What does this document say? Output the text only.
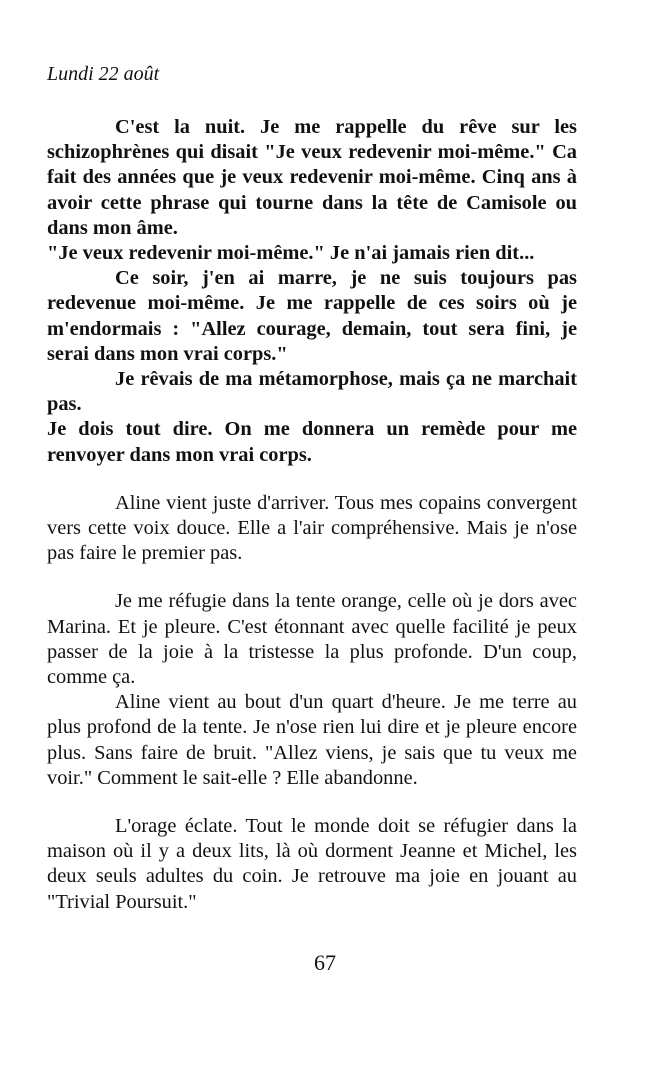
Lundi 22 août

C'est la nuit. Je me rappelle du rêve sur les schizophrènes qui disait "Je veux redevenir moi-même." Ca fait des années que je veux redevenir moi-même. Cinq ans à avoir cette phrase qui tourne dans la tête de Camisole ou dans mon âme.

"Je veux redevenir moi-même." Je n'ai jamais rien dit...

Ce soir, j'en ai marre, je ne suis toujours pas redevenue moi-même. Je me rappelle de ces soirs où je m'endormais : "Allez courage, demain, tout sera fini, je serai dans mon vrai corps."

Je rêvais de ma métamorphose, mais ça ne marchait pas.

Je dois tout dire. On me donnera un remède pour me renvoyer dans mon vrai corps.

Aline vient juste d'arriver. Tous mes copains convergent vers cette voix douce. Elle a l'air compréhensive. Mais je n'ose pas faire le premier pas.

Je me réfugie dans la tente orange, celle où je dors avec Marina. Et je pleure. C'est étonnant avec quelle facilité je peux passer de la joie à la tristesse la plus profonde. D'un coup, comme ça.

Aline vient au bout d'un quart d'heure. Je me terre au plus profond de la tente. Je n'ose rien lui dire et je pleure encore plus. Sans faire de bruit. "Allez viens, je sais que tu veux me voir." Comment le sait-elle ? Elle abandonne.

L'orage éclate. Tout le monde doit se réfugier dans la maison où il y a deux lits, là où dorment Jeanne et Michel, les deux seuls adultes du coin. Je retrouve ma joie en jouant au "Trivial Poursuit."

67
